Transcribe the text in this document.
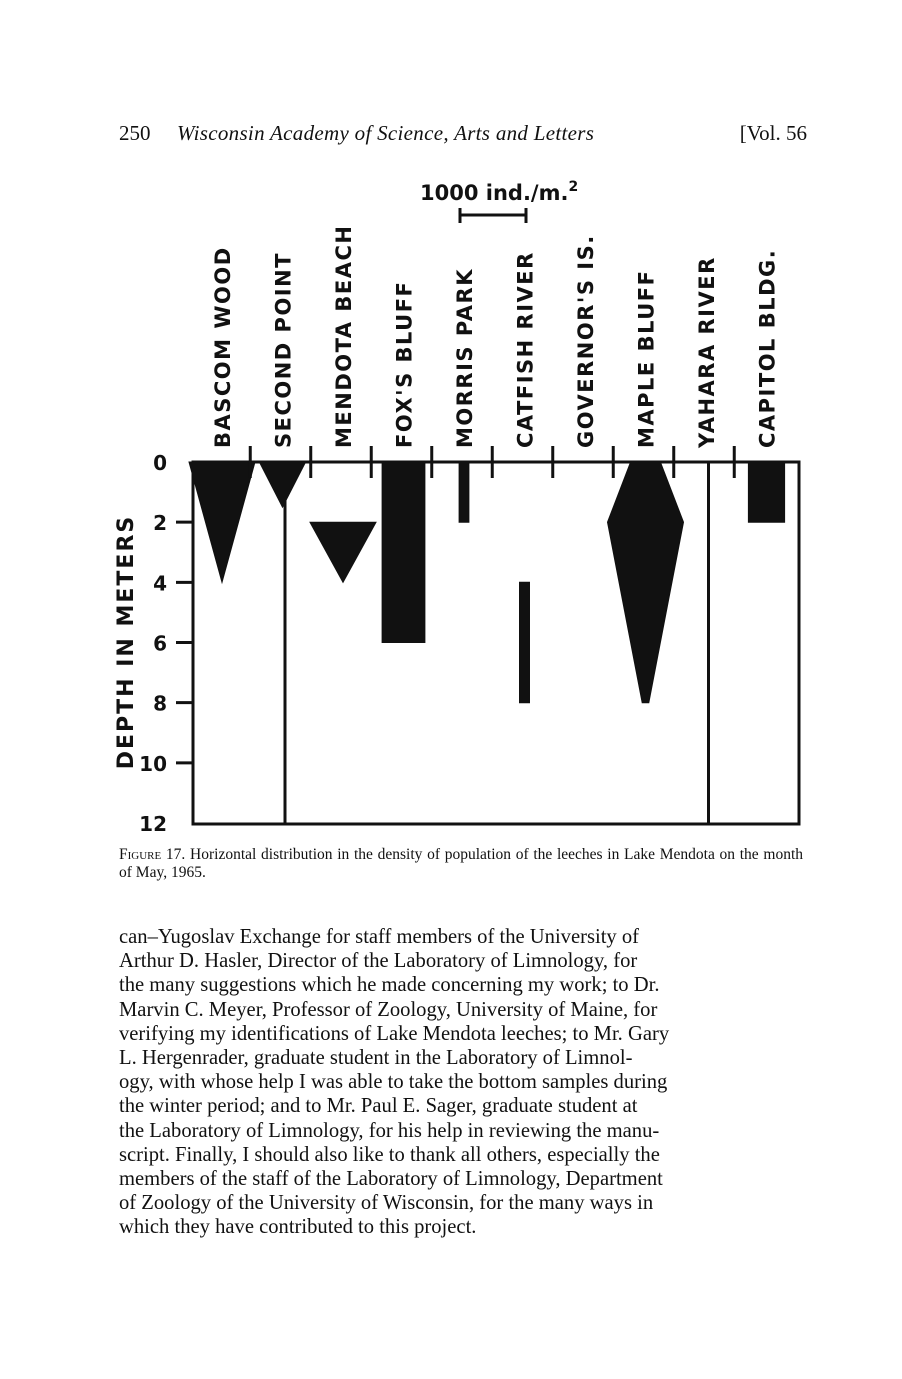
250 Wisconsin Academy of Science, Arts and Letters	[Vol. 56
1000 ind./m.$^2$
DEPTH IN METERS
0
2
4
6
8
10
12
BASCOM WOOD SECOND POINT MENDOTA BEACH FOX'S BLUFF MORRIS PARK CATFISH RIVER GOVERNOR'S IS. MAPLE BLUFF YAHARA RIVER CAPITOL BLDG.
Figure 17. Horizontal distribution in the density of population of the leeches in Lake Mendota on the month of May, 1965.
can–Yugoslav Exchange for staff members of the University of
Arthur D. Hasler, Director of the Laboratory of Limnology, for
the many suggestions which he made concerning my work; to Dr.
Marvin C. Meyer, Professor of Zoology, University of Maine, for
verifying my identifications of Lake Mendota leeches; to Mr. Gary
L. Hergenrader, graduate student in the Laboratory of Limnol-
ogy, with whose help I was able to take the bottom samples during
the winter period; and to Mr. Paul E. Sager, graduate student at
the Laboratory of Limnology, for his help in reviewing the manu-
script. Finally, I should also like to thank all others, especially the
members of the staff of the Laboratory of Limnology, Department
of Zoology of the University of Wisconsin, for the many ways in
which they have contributed to this project.
